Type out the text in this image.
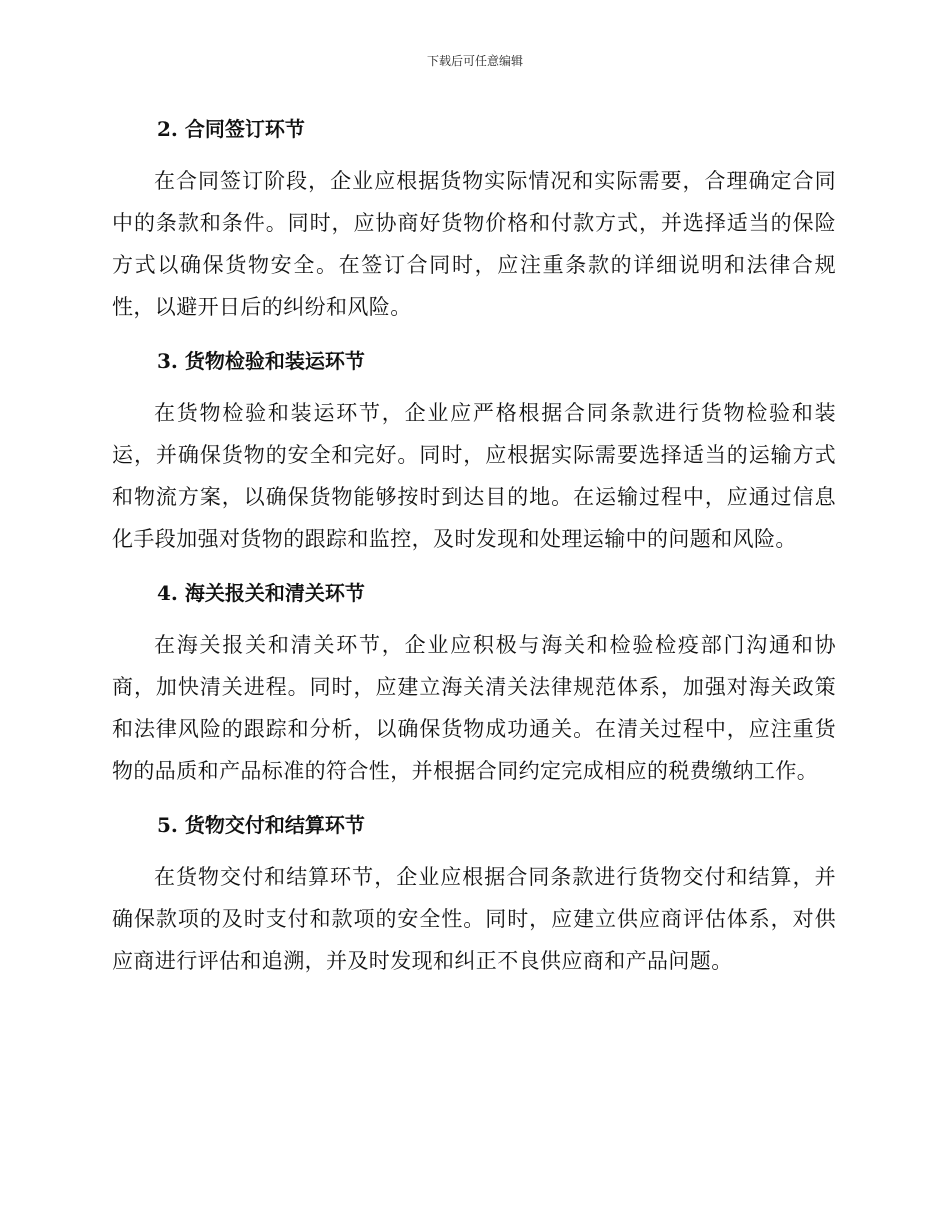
下载后可任意编辑
2. 合同签订环节

在合同签订阶段，企业应根据货物实际情况和实际需要，合理确定合同中的条款和条件。同时，应协商好货物价格和付款方式，并选择适当的保险方式以确保货物安全。在签订合同时，应注重条款的详细说明和法律合规性，以避开日后的纠纷和风险。

3. 货物检验和装运环节

在货物检验和装运环节，企业应严格根据合同条款进行货物检验和装运，并确保货物的安全和完好。同时，应根据实际需要选择适当的运输方式和物流方案，以确保货物能够按时到达目的地。在运输过程中，应通过信息化手段加强对货物的跟踪和监控，及时发现和处理运输中的问题和风险。

4. 海关报关和清关环节

在海关报关和清关环节，企业应积极与海关和检验检疫部门沟通和协商，加快清关进程。同时，应建立海关清关法律规范体系，加强对海关政策和法律风险的跟踪和分析，以确保货物成功通关。在清关过程中，应注重货物的品质和产品标准的符合性，并根据合同约定完成相应的税费缴纳工作。

5. 货物交付和结算环节

在货物交付和结算环节，企业应根据合同条款进行货物交付和结算，并确保款项的及时支付和款项的安全性。同时，应建立供应商评估体系，对供应商进行评估和追溯，并及时发现和纠正不良供应商和产品问题。
